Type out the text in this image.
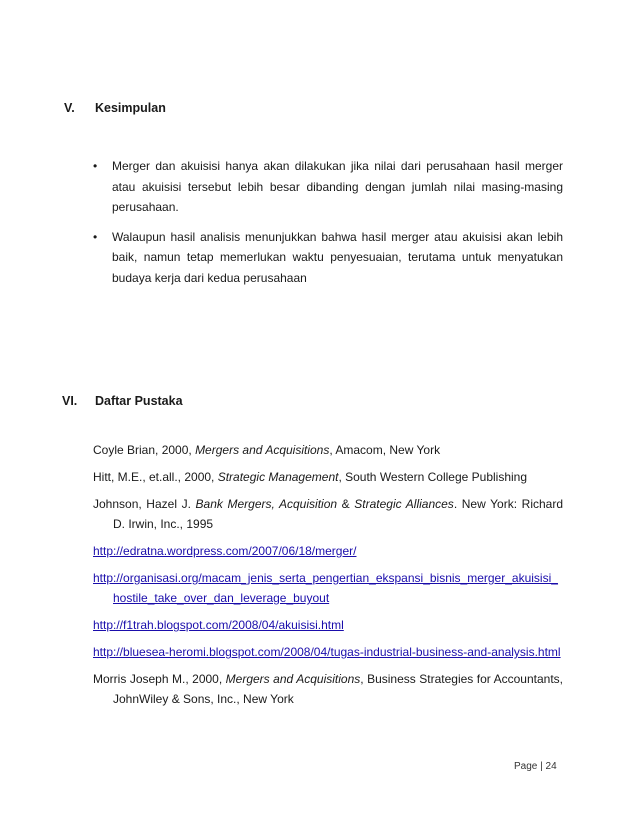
V.	Kesimpulan
• Merger dan akuisisi hanya akan dilakukan jika nilai dari perusahaan hasil merger atau akuisisi tersebut lebih besar dibanding dengan jumlah nilai masing-masing perusahaan.
• Walaupun hasil analisis menunjukkan bahwa hasil merger atau akuisisi akan lebih baik, namun tetap memerlukan waktu penyesuaian, terutama untuk menyatukan budaya kerja dari kedua perusahaan
VI.	Daftar Pustaka
Coyle Brian, 2000, Mergers and Acquisitions, Amacom, New York
Hitt, M.E., et.all., 2000, Strategic Management, South Western College Publishing
Johnson, Hazel J. Bank Mergers, Acquisition & Strategic Alliances. New York: Richard D. Irwin, Inc., 1995
http://edratna.wordpress.com/2007/06/18/merger/
http://organisasi.org/macam_jenis_serta_pengertian_ekspansi_bisnis_merger_akuisisi_hostile_take_over_dan_leverage_buyout
http://f1trah.blogspot.com/2008/04/akuisisi.html
http://bluesea-heromi.blogspot.com/2008/04/tugas-industrial-business-and-analysis.html
Morris Joseph M., 2000, Mergers and Acquisitions, Business Strategies for Accountants, JohnWiley & Sons, Inc., New York
Page | 24
